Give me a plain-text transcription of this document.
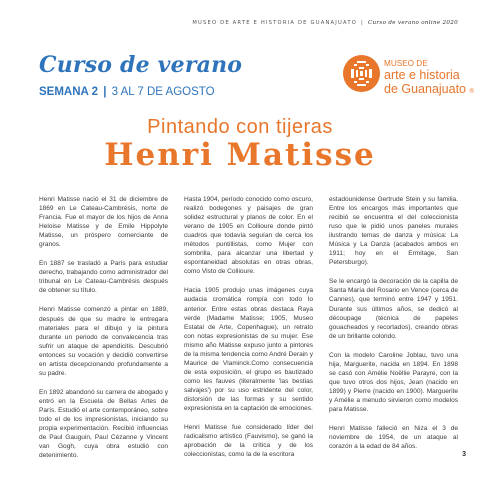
MUSEO DE ARTE E HISTORIA DE GUANAJUATO | Curso de verano online 2020
Curso de verano
SEMANA 2 | 3 AL 7 DE AGOSTO
MUSEO DE
arte e historia
de Guanajuato ®
Pintando con tijeras
Henri Matisse

Henri Matisse nació el 31 de diciembre de 1869 en Le Cateau-Cambrésis, norte de Francia. Fue el mayor de los hijos de Anna Heloise Matisse y de Emile Hippolyte Matisse, un próspero comerciante de granos.

En 1887 se trasladó a París para estudiar derecho, trabajando como administrador del tribunal en Le Cateau-Cambrésis después de obtener su título.

Henri Matisse comenzó a pintar en 1889, después de que su madre le entregara materiales para el dibujo y la pintura durante un periodo de convalecencia tras sufrir un ataque de apendicitis. Descubrió entonces su vocación y decidió convertirse en artista decepcionando profundamente a su padre.

En 1892 abandonó su carrera de abogado y entró en la Escuela de Bellas Artes de París. Estudió el arte contemporáneo, sobre todo el de los impresionistas, iniciando su propia experimentación. Recibió influencias de Paul Gauguin, Paul Cézanne y Vincent van Gogh, cuya obra estudió con detenimiento.

Hasta 1904, período conocido como oscuro, realizó bodegones y paisajes de gran solidez estructural y planos de color. En el verano de 1905 en Collioure donde pintó cuadros que todavía seguían de cerca los métodos puntillistas, como Mujer con sombrilla, para alcanzar una libertad y espontaneidad absolutas en otras obras, como Visto de Collioure.

Hacia 1905 produjo unas imágenes cuya audacia cromática rompía con todo lo anterior. Entre estas obras destaca Raya verde (Madame Matisse; 1905, Museo Estatal de Arte, Copenhague), un retrato con notas expresionistas de su mujer. Ese mismo año Matisse expuso junto a pintores de la misma tendencia como André Derain y Maurice de Vlaminck.Como consecuencia de esta exposición, el grupo es bautizado como les fauves (literalmente 'las bestias salvajes') por su uso estridente del color, distorsión de las formas y su sentido expresionista en la captación de emociones.

Henri Matisse fue considerado líder del radicalismo artístico (Fauvismo), se ganó la aprobación de la crítica y de los coleccionistas, como la de la escritora

estadounidense Gertrude Stein y su familia. Entre los encargos más importantes que recibió se encuentra el del coleccionista ruso que le pidió unos paneles murales ilustrando temas de danza y música: La Música y La Danza (acabados ambos en 1911; hoy en el Ermitage, San Petersburgo).

Se le encargó la decoración de la capilla de Santa María del Rosario en Vence (cerca de Cannes), que terminó entre 1947 y 1951. Durante sus últimos años, se dedicó al découpage (técnica de papeles gouacheados y recortados), creando obras de un brillante colorido.

Con la modelo Caroline Joblau, tuvo una hija, Marguerite, nacida en 1894. En 1898 se casó con Amélie Noëllie Parayre, con la que tuvo otros dos hijos, Jean (nacido en 1899) y Pierre (nacido en 1900). Marguerite y Amélie a menudo sirvieron como modelos para Matisse.

Henri Matisse falleció en Niza el 3 de noviembre de 1954, de un ataque al corazón a la edad de 84 años.

3
